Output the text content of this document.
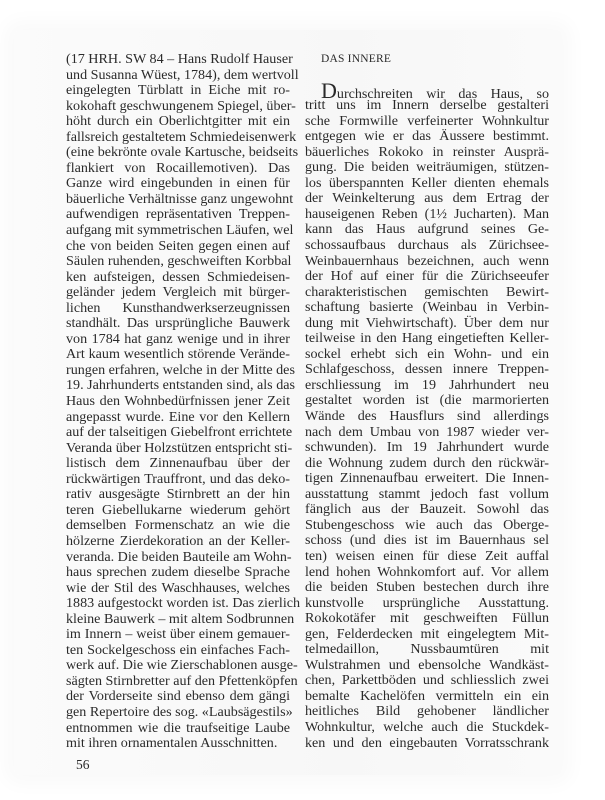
(17 HRH. SW 84 – Hans Rudolf Hauser
und Susanna Wüest, 1784), dem wertvoll
eingelegten Türblatt in Eiche mit ro-
kokohaft geschwungenem Spiegel, über-
höht durch ein Oberlichtgitter mit ein
fallsreich gestaltetem Schmiedeisenwerk
(eine bekrönte ovale Kartusche, beidseits
flankiert von Rocaillemotiven). Das
Ganze wird eingebunden in einen für
bäuerliche Verhältnisse ganz ungewohnt
aufwendigen repräsentativen Treppen-
aufgang mit symmetrischen Läufen, wel
che von beiden Seiten gegen einen auf
Säulen ruhenden, geschweiften Korbbal
ken aufsteigen, dessen Schmiedeisen-
geländer jedem Vergleich mit bürger-
lichen Kunsthandwerkserzeugnissen
standhält. Das ursprüngliche Bauwerk
von 1784 hat ganz wenige und in ihrer
Art kaum wesentlich störende Verände-
rungen erfahren, welche in der Mitte des
19. Jahrhunderts entstanden sind, als das
Haus den Wohnbedürfnissen jener Zeit
angepasst wurde. Eine vor den Kellern
auf der talseitigen Giebelfront errichtete
Veranda über Holzstützen entspricht sti-
listisch dem Zinnenaufbau über der
rückwärtigen Trauffront, und das deko-
rativ ausgesägte Stirnbrett an der hin
teren Giebellukarne wiederum gehört
demselben Formenschatz an wie die
hölzerne Zierdekoration an der Keller-
veranda. Die beiden Bauteile am Wohn-
haus sprechen zudem dieselbe Sprache
wie der Stil des Waschhauses, welches
1883 aufgestockt worden ist. Das zierlich
kleine Bauwerk – mit altem Sodbrunnen
im Innern – weist über einem gemauer-
ten Sockelgeschoss ein einfaches Fach-
werk auf. Die wie Zierschablonen ausge-
sägten Stirnbretter auf den Pfettenköpfen
der Vorderseite sind ebenso dem gängi
gen Repertoire des sog. «Laubsägestils»
entnommen wie die traufseitige Laube
mit ihren ornamentalen Ausschnitten.
DAS INNERE
Durchschreiten wir das Haus, so
tritt uns im Innern derselbe gestalteri
sche Formwille verfeinerter Wohnkultur
entgegen wie er das Äussere bestimmt.
bäuerliches Rokoko in reinster Ausprä-
gung. Die beiden weiträumigen, stützen-
los überspannten Keller dienten ehemals
der Weinkelterung aus dem Ertrag der
hauseigenen Reben (1½ Jucharten). Man
kann das Haus aufgrund seines Ge-
schossaufbaus durchaus als Zürichsee-
Weinbauernhaus bezeichnen, auch wenn
der Hof auf einer für die Zürichseeufer
charakteristischen gemischten Bewirt-
schaftung basierte (Weinbau in Verbin-
dung mit Viehwirtschaft). Über dem nur
teilweise in den Hang eingetieften Keller-
sockel erhebt sich ein Wohn- und ein
Schlafgeschoss, dessen innere Treppen-
erschliessung im 19 Jahrhundert neu
gestaltet worden ist (die marmorierten
Wände des Hausflurs sind allerdings
nach dem Umbau von 1987 wieder ver-
schwunden). Im 19 Jahrhundert wurde
die Wohnung zudem durch den rückwär-
tigen Zinnenaufbau erweitert. Die Innen-
ausstattung stammt jedoch fast vollum
fänglich aus der Bauzeit. Sowohl das
Stubengeschoss wie auch das Oberge-
schoss (und dies ist im Bauernhaus sel
ten) weisen einen für diese Zeit auffal
lend hohen Wohnkomfort auf. Vor allem
die beiden Stuben bestechen durch ihre
kunstvolle ursprüngliche Ausstattung.
Rokokotäfer mit geschweiften Füllun
gen, Felderdecken mit eingelegtem Mit-
telmedaillon, Nussbaumtüren mit
Wulstrahmen und ebensolche Wandkäst-
chen, Parkettböden und schliesslich zwei
bemalte Kachelöfen vermitteln ein ein
heitliches Bild gehobener ländlicher
Wohnkultur, welche auch die Stuckdek-
ken und den eingebauten Vorratsschrank
56
